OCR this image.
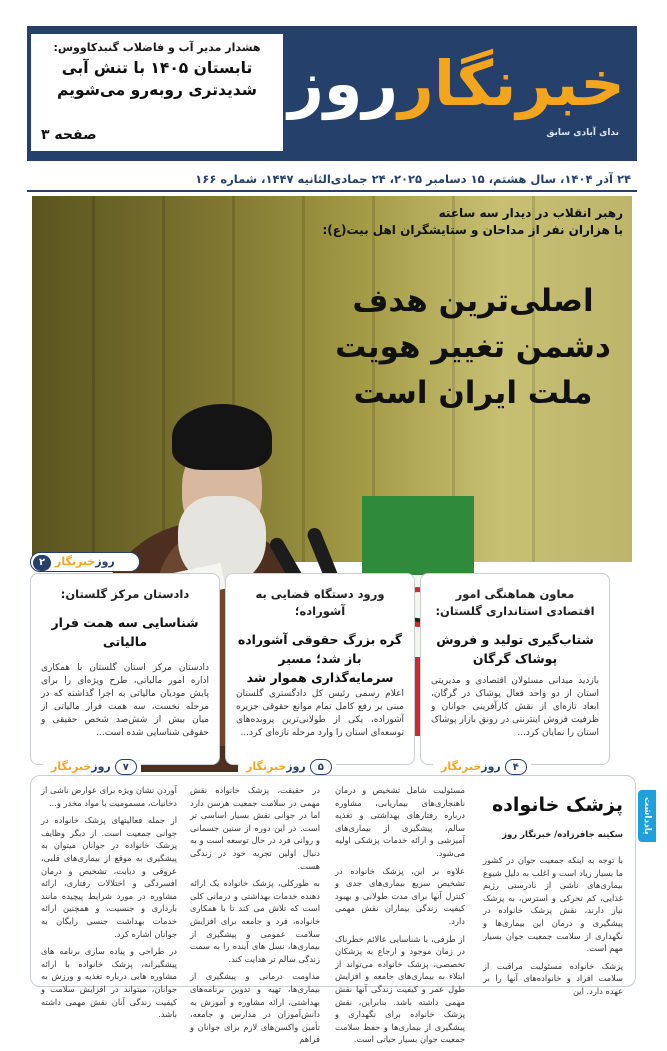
هشدار مدیر آب و فاضلاب گنبدکاووس:
تابستان ۱۴۰۵ با تنش آبی شدیدتری روبه‌رو می‌شویم
صفحه ۳
خبرنگارروز
ندای آبادی سابق
۲۴ آذر ۱۴۰۴، سال هشتم، ۱۵ دسامبر ۲۰۲۵، ۲۴ جمادی‌الثانیه ۱۴۴۷، شماره ۱۶۶
رهبر انقلاب در دیدار سه ساعته
با هزاران نفر از مداحان و ستایشگران اهل بیت(ع):
اصلی‌ترین هدف دشمن تغییر هویت ملت ایران است
۲	روزخبرنگار
معاون هماهنگی امور اقتصادی استانداری گلستان:
شتاب‌گیری تولید و فروش پوشاک گرگان
بازدید میدانی مسئولان اقتصادی و مدیریتی استان از دو واحد فعال پوشاک در گرگان، ابعاد تازه‌ای از نقش کارآفرینی جوانان و ظرفیت فروش اینترنتی در رونق بازار پوشاک استان را نمایان کرد...
روزخبرنگار	۴
ورود دستگاه قضایی به آشوراده؛
گره بزرگ حقوقی آشوراده باز شد؛ مسیر سرمایه‌گذاری هموار شد
اعلام رسمی رئیس کل دادگستری گلستان مبنی بر رفع کامل تمام موانع حقوقی جزیره آشوراده، یکی از طولانی‌ترین پرونده‌های توسعه‌ای استان را وارد مرحله تازه‌ای کرد...
روزخبرنگار	۵
دادستان مرکز گلستان:
شناسایی سه همت فرار مالیاتی
دادستان مرکز استان گلستان با همکاری اداره امور مالیاتی، طرح ویژه‌ای را برای پایش مودیان مالیاتی به اجرا گذاشته که در مرحله نخست، سه همت فرار مالیاتی از میان بیش از شش‌صد شخص حقیقی و حقوقی شناسایی شده است...
روزخبرنگار	۷
پزشک خانواده
سکینه جافرزاده/ خبرنگار روز

با توجه به اینکه جمعیت جوان در کشور ما بسیار زیاد است و اغلب به دلیل شیوع بیماری‌های ناشی از نادرستی رژیم غذایی، کم تحرکی و استرس، به پزشک نیاز دارند، نقش پزشک خانواده در پیشگیری و درمان این بیماری‌ها و نگهداری از سلامت جمعیت جوان بسیار مهم است.

پزشک خانواده مسئولیت مراقبت از سلامت افراد و خانواده‌های آنها را بر عهده دارد. این

مسئولیت شامل تشخیص و درمان ناهنجاری‌های بیماریابی، مشاوره درباره رفتارهای بهداشتی و تغذیه سالم، پیشگیری از بیماری‌های آمیزشی و ارائه خدمات پزشکی اولیه می‌شود.

علاوه بر این، پزشک خانواده در تشخیص سریع بیماری‌های جدی و کنترل آنها برای مدت طولانی و بهبود کیفیت زندگی بیماران نقش مهمی دارد.

از طرفی، با شناسایی عالائم خطرناک در زمان موجود و ارجاع به پزشکان تخصصی، پزشک خانواده می‌تواند از ابتلاء به بیماری‌های جامعه و افزایش طول عمر و کیفیت زندگی آنها نقش مهمی داشته باشد. بنابراین، نقش پزشک خانواده برای نگهداری و پیشگیری از بیماری‌ها و حفظ سلامت جمعیت جوان بسیار حیاتی است.

در حقیقت، پزشک خانواده نقش مهمی در سلامت جمعیت هرسن دارد اما در جوانی نقش بسیار اساسی تر است. در این دوره از سنین جسمانی و روانی فرد در حال توسعه است و به دنبال اولین تجربه خود در زندگی هست.

به طورکلی، پزشک خانواده یک ارائه دهنده خدمات بهداشتی و درمانی کلی است که تلاش می کند تا با همکاری خانواده، فرد و جامعه برای افزایش سلامت عمومی و پیشگیری از بیماری‌ها، نسل های آینده را به سمت زندگی سالم تر هدایت کند.

مداومت درمانی و پیشگیری از بیماری‌ها، تهیه و تدوین برنامه‌های بهداشتی، ارائه مشاوره و آموزش به دانش‌آموزان در مدارس و جامعه، تأمین واکسن‌های لازم برای جوانان و فراهم

آوردن نشان ویژه برای عوارض ناشی از دخانیات، مسمومیت با مواد مخدر و...

از جمله فعالیتهای پزشک خانواده در جوانی جمعیت است. از دیگر وظایف پزشک خانواده در جوانان میتوان به پیشگیری به موقع از بیماری‌های قلبی، عروقی و دیابت، تشخیص و درمان افسردگی و اختلالات رفتاری، ارائه مشاوره در مورد شرایط پیچیده مانند بارداری و جنسیت، و همچنین ارائه خدمات بهداشت جنسی رایگان به جوانان اشاره کرد.

در طراحی و پیاده سازی برنامه های پیشگیرانه، پزشک خانواده با ارائه مشاوره هایی درباره تغذیه و ورزش به جوانان، میتواند در افزایش سلامت و کیفیت زندگی آنان نقش مهمی داشته باشد.

یادداشت
